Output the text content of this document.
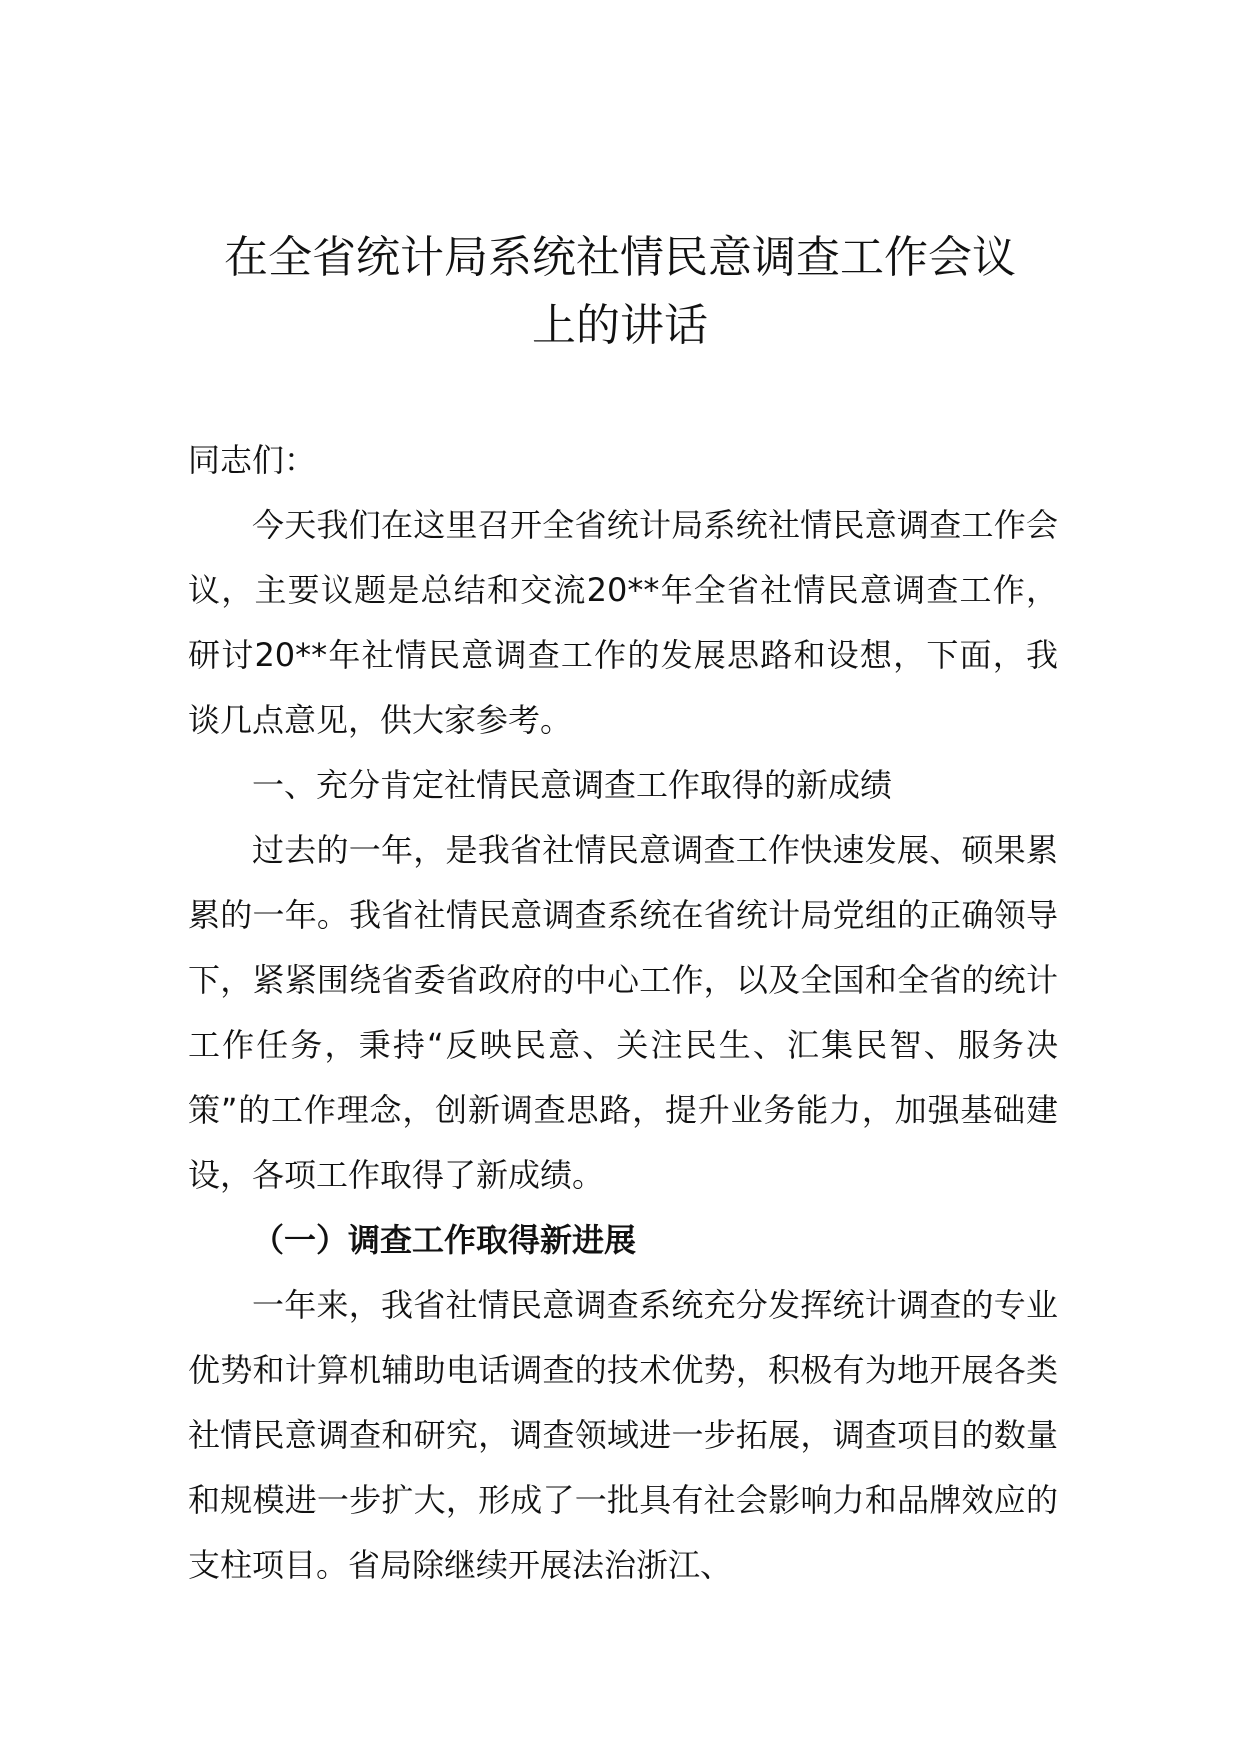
在全省统计局系统社情民意调查工作会议
上的讲话

同志们：

今天我们在这里召开全省统计局系统社情民意调查工作会议，主要议题是总结和交流20**年全省社情民意调查工作，研讨20**年社情民意调查工作的发展思路和设想，下面，我谈几点意见，供大家参考。

一、充分肯定社情民意调查工作取得的新成绩

过去的一年，是我省社情民意调查工作快速发展、硕果累累的一年。我省社情民意调查系统在省统计局党组的正确领导下，紧紧围绕省委省政府的中心工作，以及全国和全省的统计工作任务，秉持“反映民意、关注民生、汇集民智、服务决策”的工作理念，创新调查思路，提升业务能力，加强基础建设，各项工作取得了新成绩。

（一）调查工作取得新进展

一年来，我省社情民意调查系统充分发挥统计调查的专业优势和计算机辅助电话调查的技术优势，积极有为地开展各类社情民意调查和研究，调查领域进一步拓展，调查项目的数量和规模进一步扩大，形成了一批具有社会影响力和品牌效应的支柱项目。省局除继续开展法治浙江、
